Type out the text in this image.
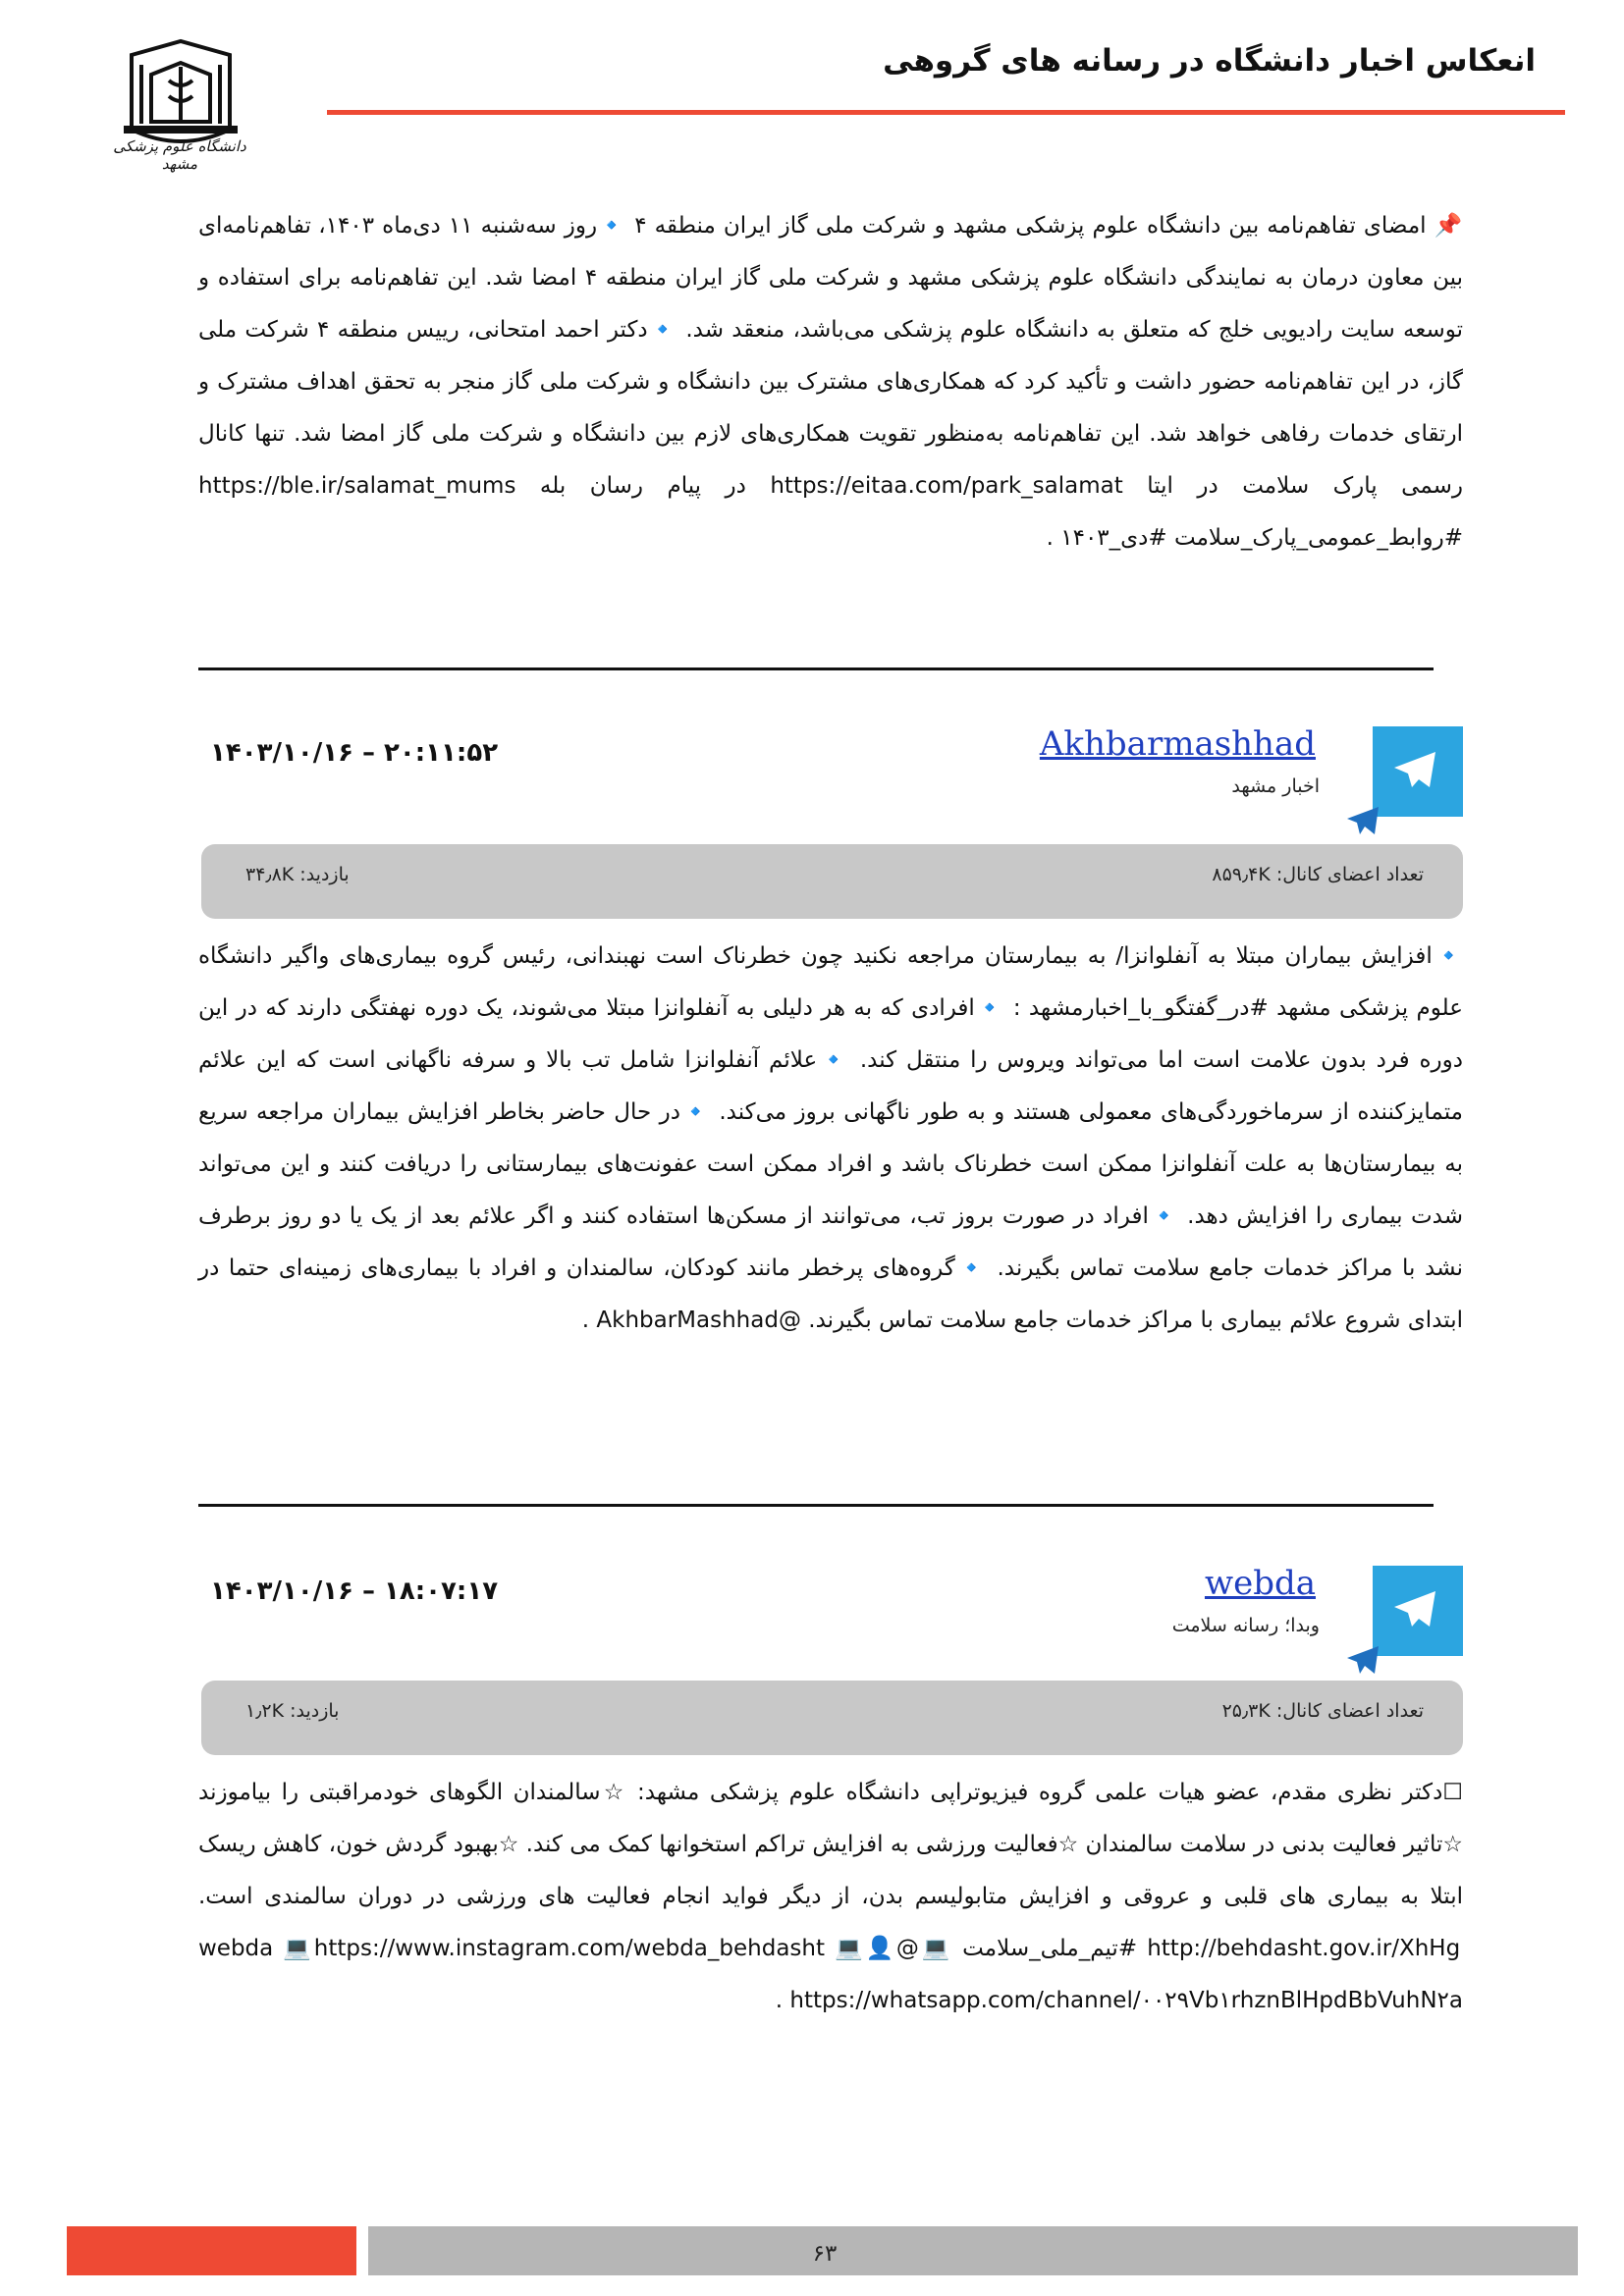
انعکاس اخبار دانشگاه در رسانه های گروهی
دانشگاه علوم پزشکی مشهد
📌 امضای تفاهم‌نامه بین دانشگاه علوم پزشکی مشهد و شرکت ملی گاز ایران منطقه ۴ 🔹روز سه‌شنبه ۱۱ دی‌ماه ۱۴۰۳، تفاهم‌نامه‌ای بین معاون درمان به نمایندگی دانشگاه علوم پزشکی مشهد و شرکت ملی گاز ایران منطقه ۴ امضا شد. این تفاهم‌نامه برای استفاده و توسعه سایت رادیویی خلج که متعلق به دانشگاه علوم پزشکی می‌باشد، منعقد شد. 🔹دکتر احمد امتحانی، رییس منطقه ۴ شرکت ملی گاز، در این تفاهم‌نامه حضور داشت و تأکید کرد که همکاری‌های مشترک بین دانشگاه و شرکت ملی گاز منجر به تحقق اهداف مشترک و ارتقای خدمات رفاهی خواهد شد. این تفاهم‌نامه به‌منظور تقویت همکاری‌های لازم بین دانشگاه و شرکت ملی گاز امضا شد. تنها کانال رسمی پارک سلامت در ایتا https://eitaa.com/park_salamat در پیام رسان بله https://ble.ir/salamat_mums #روابط_عمومی_پارک_سلامت #دی_۱۴۰۳ .
Akhbarmashhad
اخبار مشهد
۱۴۰۳/۱۰/۱۶ – ۲۰:۱۱:۵۲
تعداد اعضای کانال: ۸۵۹٫۴K
بازدید: ۳۴٫۸K
🔹افزایش بیماران مبتلا به آنفلوانزا/ به بیمارستان مراجعه نکنید چون خطرناک است نهبندانی، رئیس گروه بیماری‌های واگیر دانشگاه علوم پزشکی مشهد #در_گفتگو_با_اخبارمشهد : 🔹افرادی که به هر دلیلی به آنفلوانزا مبتلا می‌شوند، یک دوره نهفتگی دارند که در این دوره فرد بدون علامت است اما می‌تواند ویروس را منتقل کند. 🔹علائم آنفلوانزا شامل تب بالا و سرفه ناگهانی است که این علائم متمایزکننده از سرماخوردگی‌های معمولی هستند و به طور ناگهانی بروز می‌کند. 🔹در حال حاضر بخاطر افزایش بیماران مراجعه سریع به بیمارستان‌ها به علت آنفلوانزا ممکن است خطرناک باشد و افراد ممکن است عفونت‌های بیمارستانی را دریافت کنند و این می‌تواند شدت بیماری را افزایش دهد. 🔹افراد در صورت بروز تب، می‌توانند از مسکن‌ها استفاده کنند و اگر علائم بعد از یک یا دو روز برطرف نشد با مراکز خدمات جامع سلامت تماس بگیرند. 🔹گروه‌های پرخطر مانند کودکان، سالمندان و افراد با بیماری‌های زمینه‌ای حتما در ابتدای شروع علائم بیماری با مراکز خدمات جامع سلامت تماس بگیرند. @AkhbarMashhad .
webda
وبدا؛ رسانه سلامت
۱۴۰۳/۱۰/۱۶ – ۱۸:۰۷:۱۷
تعداد اعضای کانال: ۲۵٫۳K
بازدید: ۱٫۲K
☐دکتر نظری مقدم، عضو هیات علمی گروه فیزیوتراپی دانشگاه علوم پزشکی مشهد: ☆سالمندان الگوهای خودمراقبتی را بیاموزند ☆تاثیر فعالیت بدنی در سلامت سالمندان ☆فعالیت ورزشی به افزایش تراکم استخوانها کمک می کند. ☆بهبود گردش خون، کاهش ریسک ابتلا به بیماری های قلبی و عروقی و افزایش متابولیسم بدن، از دیگر فواید انجام فعالیت های ورزشی در دوران سالمندی است. http://behdasht.gov.ir/XhHg #تیم_ملی_سلامت 💻@webda 💻https://www.instagram.com/webda_behdasht 💻👤https://whatsapp.com/channel/۰۰۲۹Vb۱rhznBlHpdBbVuhN۲a .
۶۳
